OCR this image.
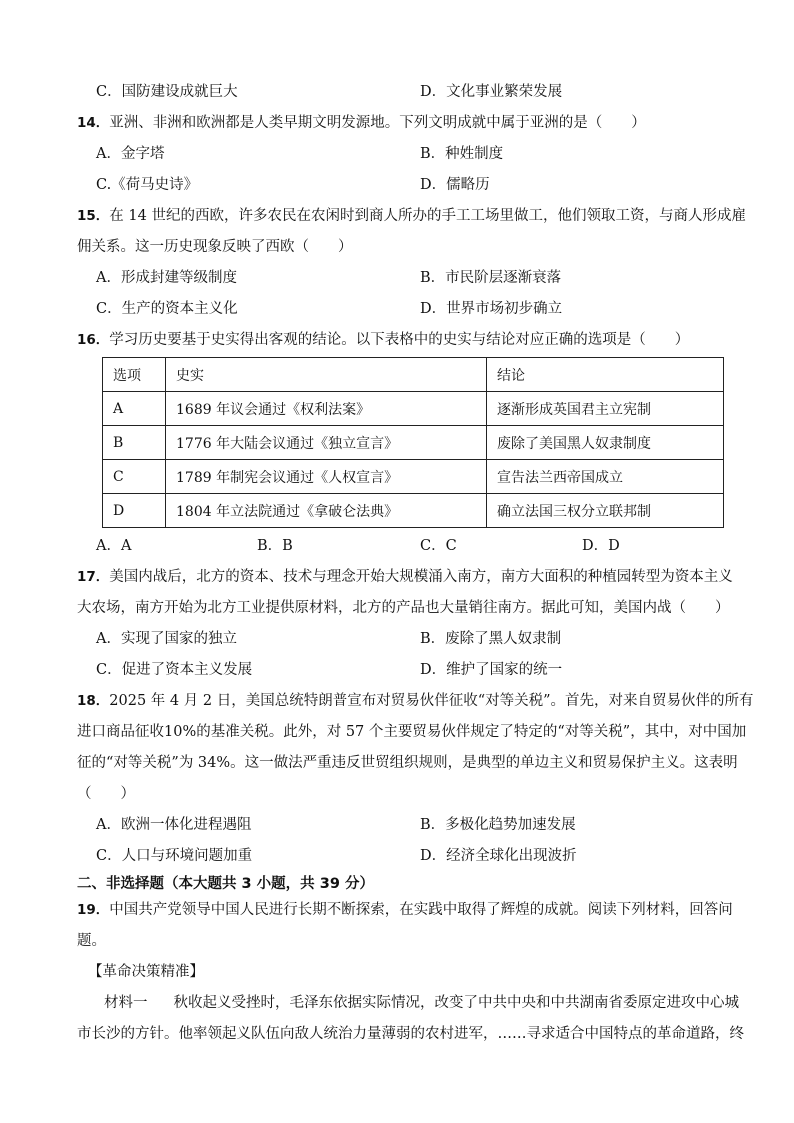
C．国防建设成就巨大	D．文化事业繁荣发展
14．亚洲、非洲和欧洲都是人类早期文明发源地。下列文明成就中属于亚洲的是（　　）
A．金字塔	B．种姓制度
C.《荷马史诗》	D．儒略历
15．在 14 世纪的西欧，许多农民在农闲时到商人所办的手工工场里做工，他们领取工资，与商人形成雇
佣关系。这一历史现象反映了西欧（　　）
A．形成封建等级制度	B．市民阶层逐渐衰落
C．生产的资本主义化	D．世界市场初步确立
16．学习历史要基于史实得出客观的结论。以下表格中的史实与结论对应正确的选项是（　　）
选项	史实	结论
A	1689 年议会通过《权利法案》	逐渐形成英国君主立宪制
B	1776 年大陆会议通过《独立宣言》	废除了美国黑人奴隶制度
C	1789 年制宪会议通过《人权宣言》	宣告法兰西帝国成立
D	1804 年立法院通过《拿破仑法典》	确立法国三权分立联邦制
A．A	B．B	C．C	D．D
17．美国内战后，北方的资本、技术与理念开始大规模涌入南方，南方大面积的种植园转型为资本主义
大农场，南方开始为北方工业提供原材料，北方的产品也大量销往南方。据此可知，美国内战（　　）
A．实现了国家的独立	B．废除了黑人奴隶制
C．促进了资本主义发展	D．维护了国家的统一
18．2025 年 4 月 2 日，美国总统特朗普宣布对贸易伙伴征收“对等关税”。首先，对来自贸易伙伴的所有
进口商品征收10%的基准关税。此外，对 57 个主要贸易伙伴规定了特定的“对等关税”，其中，对中国加
征的“对等关税”为 34%。这一做法严重违反世贸组织规则，是典型的单边主义和贸易保护主义。这表明
（　　）
A．欧洲一体化进程遇阻	B．多极化趋势加速发展
C．人口与环境问题加重	D．经济全球化出现波折
二、非选择题（本大题共 3 小题，共 39 分）
19．中国共产党领导中国人民进行长期不断探索，在实践中取得了辉煌的成就。阅读下列材料，回答问
题。
【革命决策精准】
材料一 秋收起义受挫时，毛泽东依据实际情况，改变了中共中央和中共湖南省委原定进攻中心城
市长沙的方针。他率领起义队伍向敌人统治力量薄弱的农村进军，……寻求适合中国特点的革命道路，终
